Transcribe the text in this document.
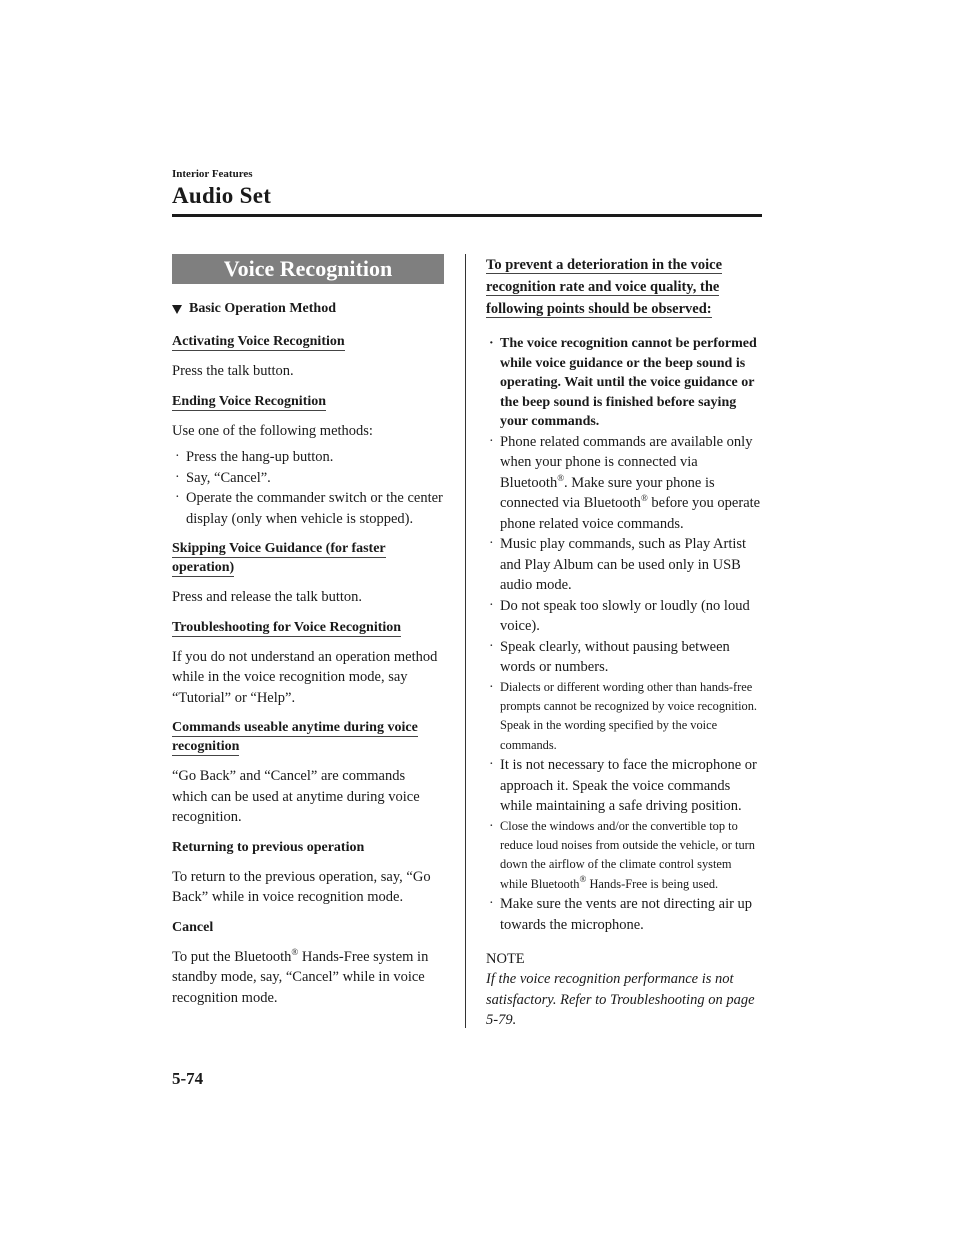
Interior Features
Audio Set
Voice Recognition
Basic Operation Method
Activating Voice Recognition

Press the talk button.

Ending Voice Recognition

Use one of the following methods:

· Press the hang-up button.
· Say, “Cancel”.
· Operate the commander switch or the center display (only when vehicle is stopped).
Skipping Voice Guidance (for faster operation)

Press and release the talk button.

Troubleshooting for Voice Recognition

If you do not understand an operation method while in the voice recognition mode, say “Tutorial” or “Help”.

Commands useable anytime during voice recognition

“Go Back” and “Cancel” are commands which can be used at anytime during voice recognition.

Returning to previous operation

To return to the previous operation, say, “Go Back” while in voice recognition mode.

Cancel

To put the Bluetooth® Hands-Free system in standby mode, say, “Cancel” while in voice recognition mode.

To prevent a deterioration in the voice recognition rate and voice quality, the following points should be observed:
· The voice recognition cannot be performed while voice guidance or the beep sound is operating. Wait until the voice guidance or the beep sound is finished before saying your commands.
· Phone related commands are available only when your phone is connected via Bluetooth®. Make sure your phone is connected via Bluetooth® before you operate phone related voice commands.
· Music play commands, such as Play Artist and Play Album can be used only in USB audio mode.
· Do not speak too slowly or loudly (no loud voice).
· Speak clearly, without pausing between words or numbers.
· Dialects or different wording other than hands-free prompts cannot be recognized by voice recognition. Speak in the wording specified by the voice commands.
· It is not necessary to face the microphone or approach it. Speak the voice commands while maintaining a safe driving position.
· Close the windows and/or the convertible top to reduce loud noises from outside the vehicle, or turn down the airflow of the climate control system while Bluetooth® Hands-Free is being used.
· Make sure the vents are not directing air up towards the microphone.
NOTE
If the voice recognition performance is not satisfactory. Refer to Troubleshooting on page 5-79.
5-74
